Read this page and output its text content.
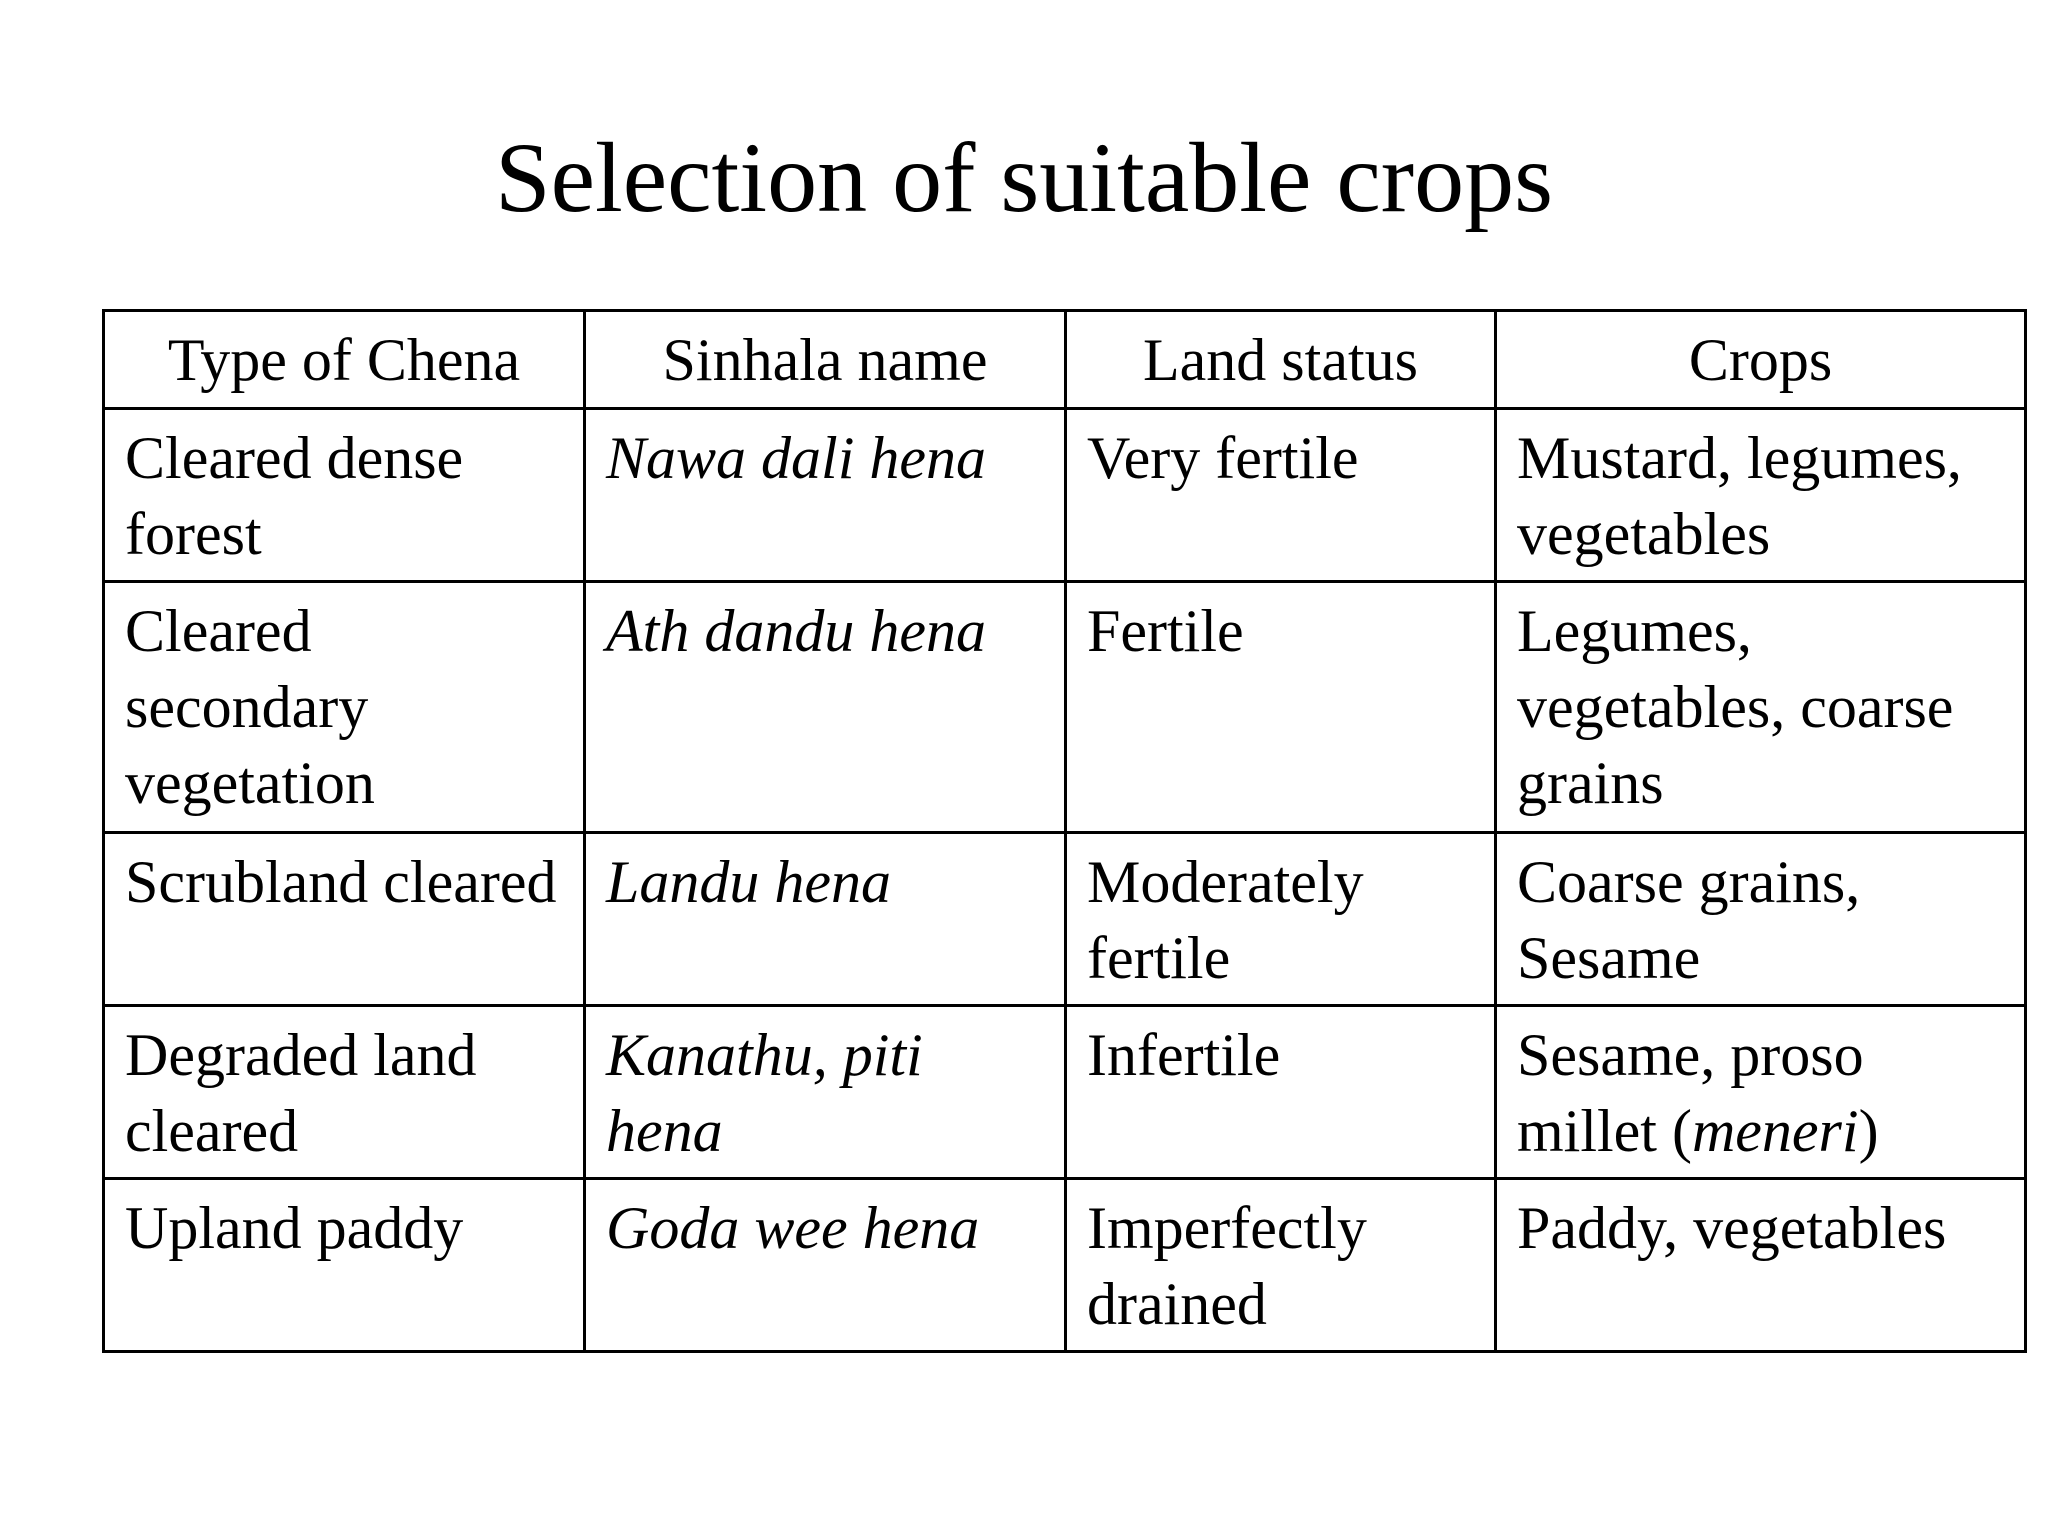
Selection of suitable crops
Type of Chena	Sinhala name	Land status	Crops
Cleared dense forest	Nawa dali hena	Very fertile	Mustard, legumes, vegetables
Cleared secondary vegetation	Ath dandu hena	Fertile	Legumes, vegetables, coarse grains
Scrubland cleared	Landu hena	Moderately fertile	Coarse grains, Sesame
Degraded land cleared	Kanathu, piti hena	Infertile	Sesame, proso millet (meneri)
Upland paddy	Goda wee hena	Imperfectly drained	Paddy, vegetables
